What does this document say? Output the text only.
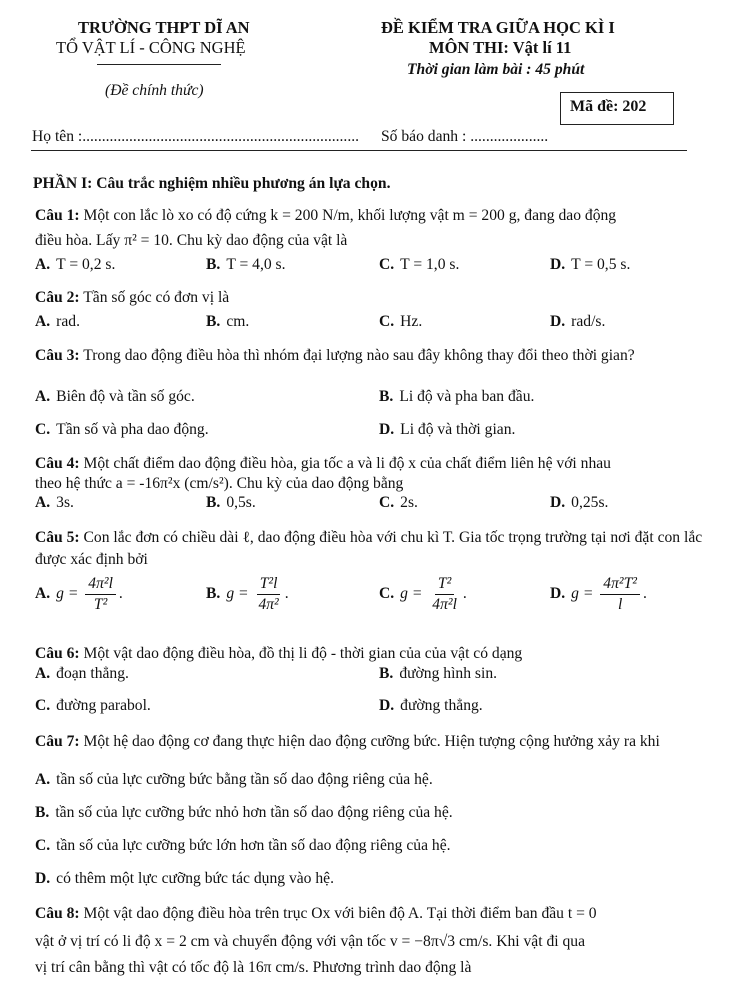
TRƯỜNG THPT DĨ AN
TỔ VẬT LÍ - CÔNG NGHỆ
(Đề chính thức)
ĐỀ KIỂM TRA GIỮA HỌC KÌ I
MÔN THI: Vật lí 11
Thời gian làm bài : 45 phút
Mã đề: 202
Họ tên :....................................................................... Số báo danh : ....................
PHẦN I: Câu trắc nghiệm nhiều phương án lựa chọn.
Câu 1: Một con lắc lò xo có độ cứng k = 200 N/m, khối lượng vật m = 200 g, đang dao động
điều hòa. Lấy π² = 10. Chu kỳ dao động của vật là
A. T = 0,2 s.	B. T = 4,0 s.	C. T = 1,0 s.	D. T = 0,5 s.
Câu 2: Tần số góc có đơn vị là
A. rad.	B. cm.	C. Hz.	D. rad/s.
Câu 3: Trong dao động điều hòa thì nhóm đại lượng nào sau đây không thay đổi theo thời gian?
A. Biên độ và tần số góc.	B. Li độ và pha ban đầu.
C. Tần số và pha dao động.	D. Li độ và thời gian.
Câu 4: Một chất điểm dao động điều hòa, gia tốc a và li độ x của chất điểm liên hệ với nhau
theo hệ thức a = -16π²x (cm/s²). Chu kỳ của dao động bằng
A. 3s.	B. 0,5s.	C. 2s.	D. 0,25s.
Câu 5: Con lắc đơn có chiều dài ℓ, dao động điều hòa với chu kì T. Gia tốc trọng trường tại nơi đặt con lắc được xác định bởi
A. $g = \frac{\text{4π²l}}{\text{T²}}$ .	B. $g = \frac{\text{T²l}}{\text{4π²}}$ .	C. $g = \frac{\text{T²}}{\text{4π²l}}$ .	D. $g = \frac{\text{4π²T²}}{l}$ .
Câu 6: Một vật dao động điều hòa, đồ thị li độ - thời gian của của vật có dạng
A. đoạn thẳng.	B. đường hình sin.
C. đường parabol.	D. đường thẳng.
Câu 7: Một hệ dao động cơ đang thực hiện dao động cưỡng bức. Hiện tượng cộng hưởng xảy ra khi
A. tần số của lực cưỡng bức bằng tần số dao động riêng của hệ.
B. tần số của lực cưỡng bức nhỏ hơn tần số dao động riêng của hệ.
C. tần số của lực cưỡng bức lớn hơn tần số dao động riêng của hệ.
D. có thêm một lực cưỡng bức tác dụng vào hệ.
Câu 8: Một vật dao động điều hòa trên trục Ox với biên độ A. Tại thời điểm ban đầu t = 0
vật ở vị trí có li độ x = 2 cm và chuyển động với vận tốc v = −8π√3 cm/s. Khi vật đi qua
vị trí cân bằng thì vật có tốc độ là 16π cm/s. Phương trình dao động là
